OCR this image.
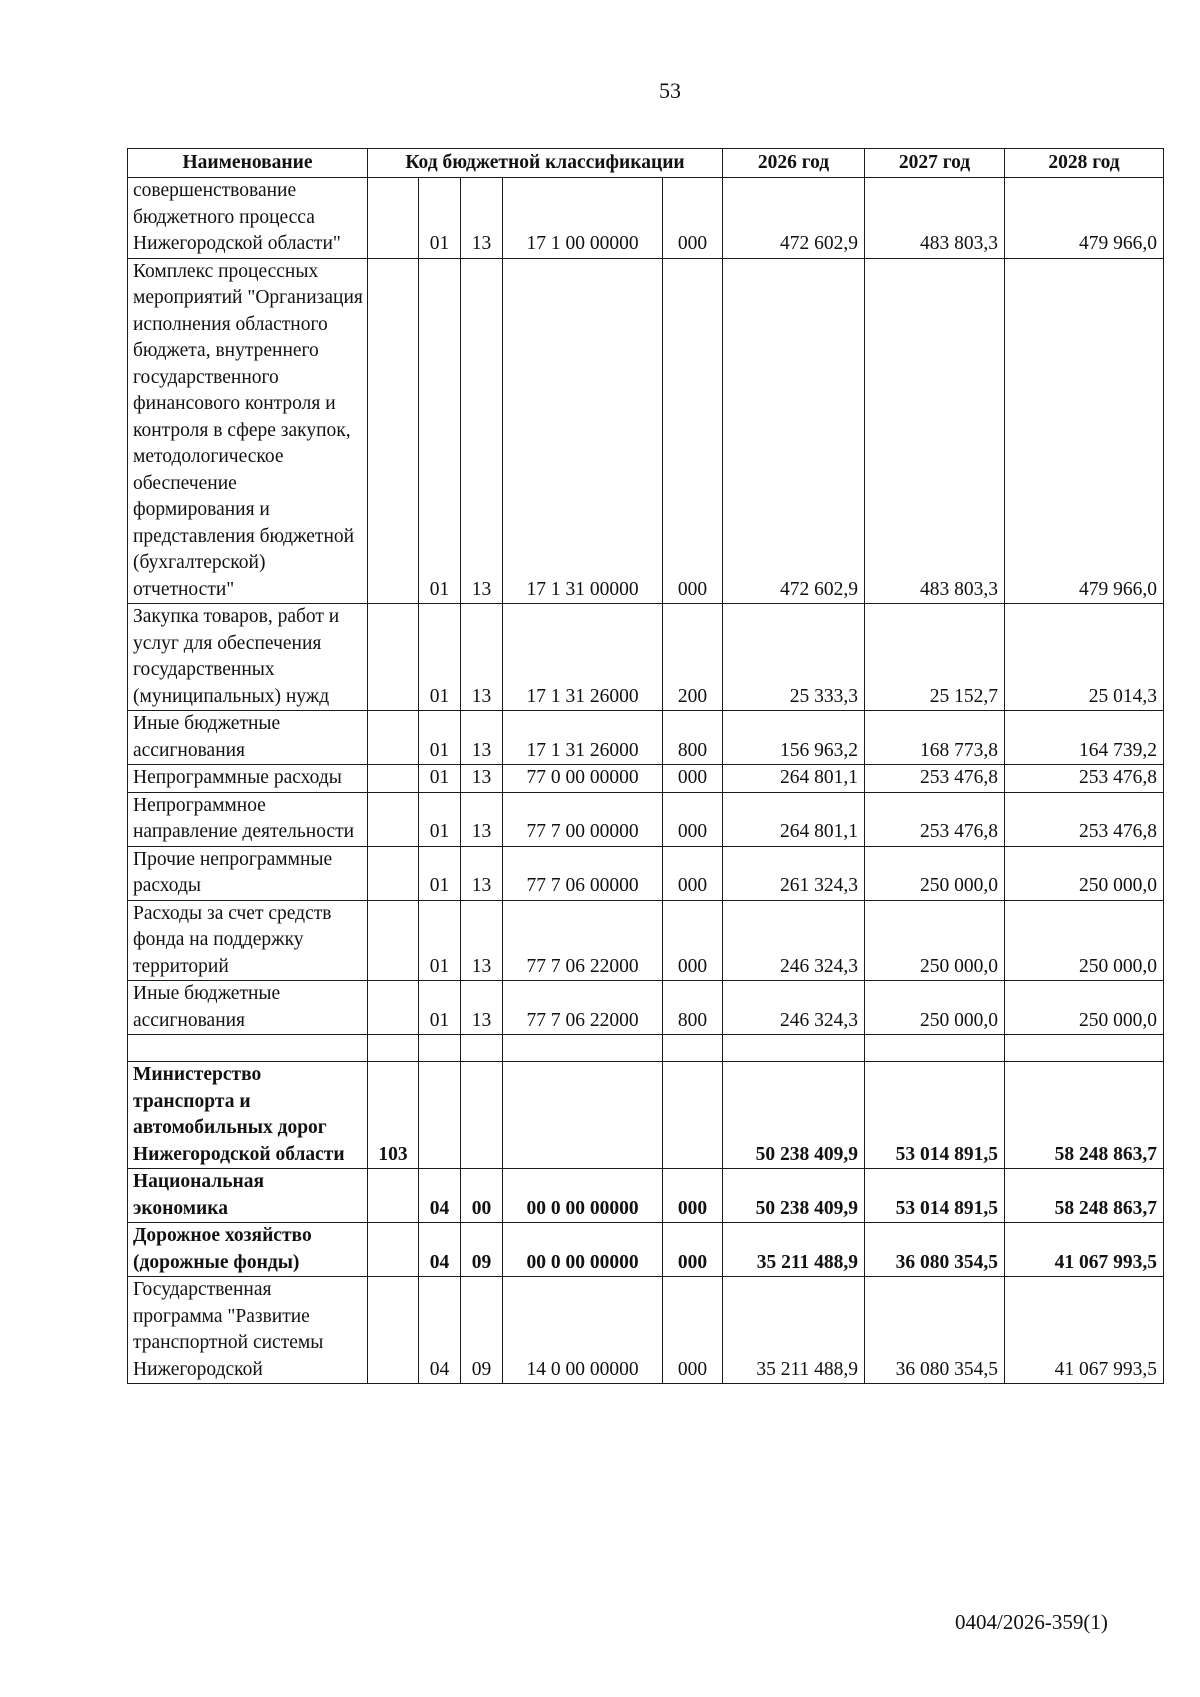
53
Наименование	Код бюджетной классификации					2026 год	2027 год	2028 год
совершенствование бюджетного процесса Нижегородской области"		01	13	17 1 00 00000	000	472 602,9	483 803,3	479 966,0
Комплекс процессных мероприятий "Организация исполнения областного бюджета, внутреннего государственного финансового контроля и контроля в сфере закупок, методологическое обеспечение формирования и представления бюджетной (бухгалтерской) отчетности"		01	13	17 1 31 00000	000	472 602,9	483 803,3	479 966,0
Закупка товаров, работ и услуг для обеспечения государственных (муниципальных) нужд		01	13	17 1 31 26000	200	25 333,3	25 152,7	25 014,3
Иные бюджетные ассигнования		01	13	17 1 31 26000	800	156 963,2	168 773,8	164 739,2
Непрограммные расходы		01	13	77 0 00 00000	000	264 801,1	253 476,8	253 476,8
Непрограммное направление деятельности		01	13	77 7 00 00000	000	264 801,1	253 476,8	253 476,8
Прочие непрограммные расходы		01	13	77 7 06 00000	000	261 324,3	250 000,0	250 000,0
Расходы за счет средств фонда на поддержку территорий		01	13	77 7 06 22000	000	246 324,3	250 000,0	250 000,0
Иные бюджетные ассигнования		01	13	77 7 06 22000	800	246 324,3	250 000,0	250 000,0

Министерство транспорта и автомобильных дорог Нижегородской области	103					50 238 409,9	53 014 891,5	58 248 863,7
Национальная экономика		04	00	00 0 00 00000	000	50 238 409,9	53 014 891,5	58 248 863,7
Дорожное хозяйство (дорожные фонды)		04	09	00 0 00 00000	000	35 211 488,9	36 080 354,5	41 067 993,5
Государственная программа "Развитие транспортной системы Нижегородской		04	09	14 0 00 00000	000	35 211 488,9	36 080 354,5	41 067 993,5
0404/2026-359(1)
